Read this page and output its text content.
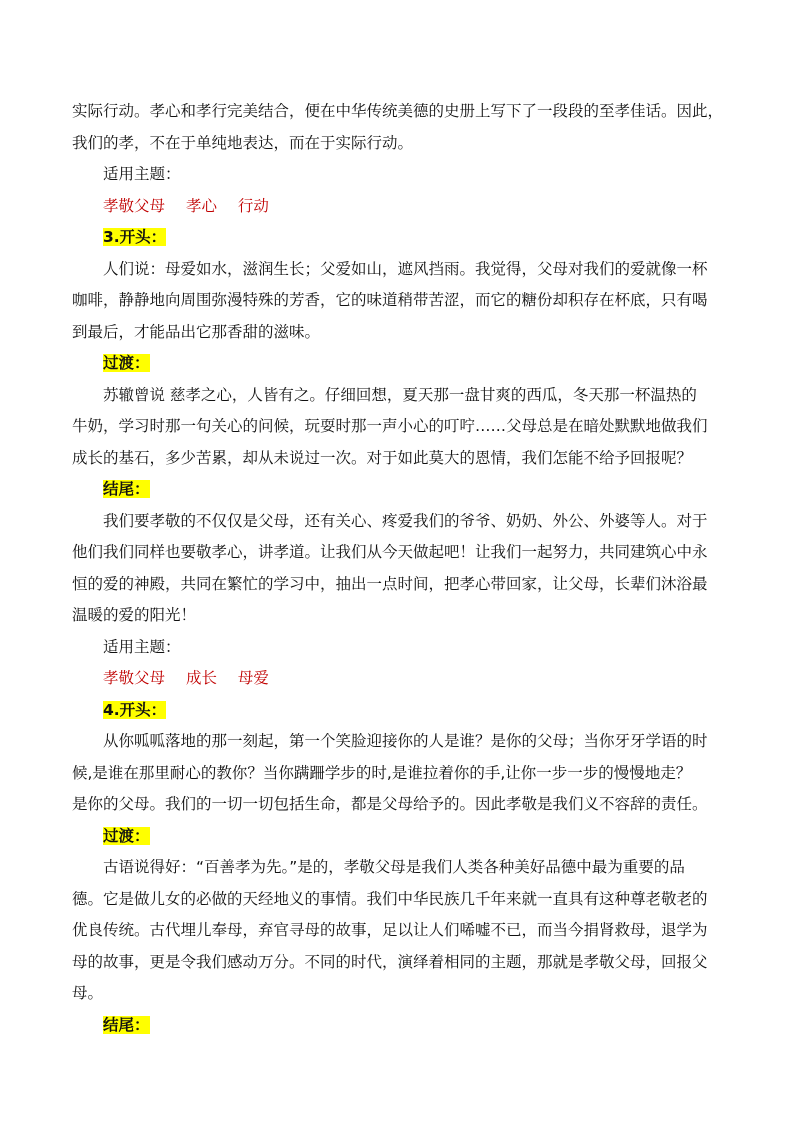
实际行动。孝心和孝行完美结合，便在中华传统美德的史册上写下了一段段的至孝佳话。因此，
我们的孝，不在于单纯地表达，而在于实际行动。

适用主题：

孝敬父母 孝心 行动

3.开头：

人们说：母爱如水，滋润生长；父爱如山，遮风挡雨。我觉得，父母对我们的爱就像一杯
咖啡，静静地向周围弥漫特殊的芳香，它的味道稍带苦涩，而它的糖份却积存在杯底，只有喝
到最后，才能品出它那香甜的滋味。

过渡：

苏辙曾说 慈孝之心，人皆有之。仔细回想，夏天那一盘甘爽的西瓜，冬天那一杯温热的
牛奶，学习时那一句关心的问候，玩耍时那一声小心的叮咛……父母总是在暗处默默地做我们
成长的基石，多少苦累，却从未说过一次。对于如此莫大的恩情，我们怎能不给予回报呢？

结尾：

我们要孝敬的不仅仅是父母，还有关心、疼爱我们的爷爷、奶奶、外公、外婆等人。对于
他们我们同样也要敬孝心，讲孝道。让我们从今天做起吧！让我们一起努力，共同建筑心中永
恒的爱的神殿，共同在繁忙的学习中，抽出一点时间，把孝心带回家，让父母，长辈们沐浴最
温暖的爱的阳光！

适用主题：

孝敬父母 成长 母爱

4.开头：

从你呱呱落地的那一刻起，第一个笑脸迎接你的人是谁？是你的父母；当你牙牙学语的时
候,是谁在那里耐心的教你？当你蹒跚学步的时,是谁拉着你的手,让你一步一步的慢慢地走？
是你的父母。我们的一切一切包括生命，都是父母给予的。因此孝敬是我们义不容辞的责任。

过渡：

古语说得好：“百善孝为先。”是的，孝敬父母是我们人类各种美好品德中最为重要的品
德。它是做儿女的必做的天经地义的事情。我们中华民族几千年来就一直具有这种尊老敬老的
优良传统。古代埋儿奉母，弃官寻母的故事，足以让人们唏嘘不已，而当今捐肾救母，退学为
母的故事，更是令我们感动万分。不同的时代，演绎着相同的主题，那就是孝敬父母，回报父
母。

结尾：
